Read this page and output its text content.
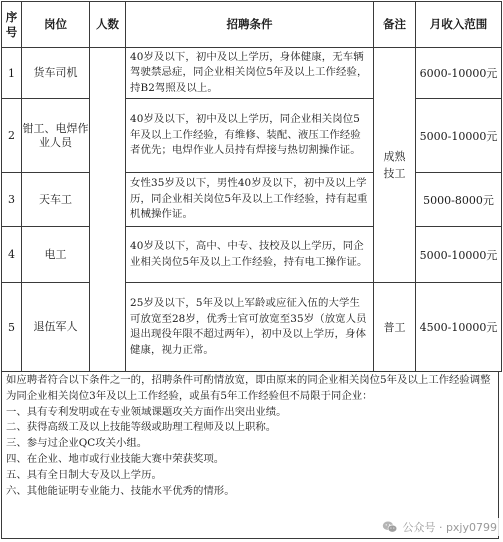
序号	岗位	人数	招聘条件	备注	月收入范围
1	货车司机		40岁及以下，初中及以上学历，身体健康，无车辆驾驶禁忌症，同企业相关岗位5年及以上工作经验，持B2驾照及以上。	成熟技工	6000-10000元
2	钳工、电焊作业人员		40岁及以下，初中及以上学历，同企业相关岗位5年及以上工作经验，有维修、装配、液压工作经验者优先；电焊作业人员持有焊接与热切割操作证。		5000-10000元
3	天车工		女性35岁及以下，男性40岁及以下，初中及以上学历，同企业相关岗位5年及以上工作经验，持有起重机械操作证。		5000-8000元
4	电工		40岁及以下，高中、中专、技校及以上学历，同企业相关岗位5年及以上工作经验，持有电工操作证。		5000-10000元
5	退伍军人		25岁及以下，5年及以上军龄或应征入伍的大学生可放宽至28岁，优秀士官可放宽至35岁（放宽人员退出现役年限不超过两年），初中及以上学历，身体健康，视力正常。	普工	4500-10000元

如应聘者符合以下条件之一的，招聘条件可酌情放宽，即由原来的同企业相关岗位5年及以上工作经验调整为同企业相关岗位3年及以上工作经验，或虽有5年工作经验但不局限于同企业：

一、具有专利发明或在专业领域课题攻关方面作出突出业绩。

二、获得高级工及以上技能等级或助理工程师及以上职称。

三、参与过企业QC攻关小组。

四、在企业、地市或行业技能大赛中荣获奖项。

五、具有全日制大专及以上学历。

六、其他能证明专业能力、技能水平优秀的情形。

公众号 · pxjy0799
